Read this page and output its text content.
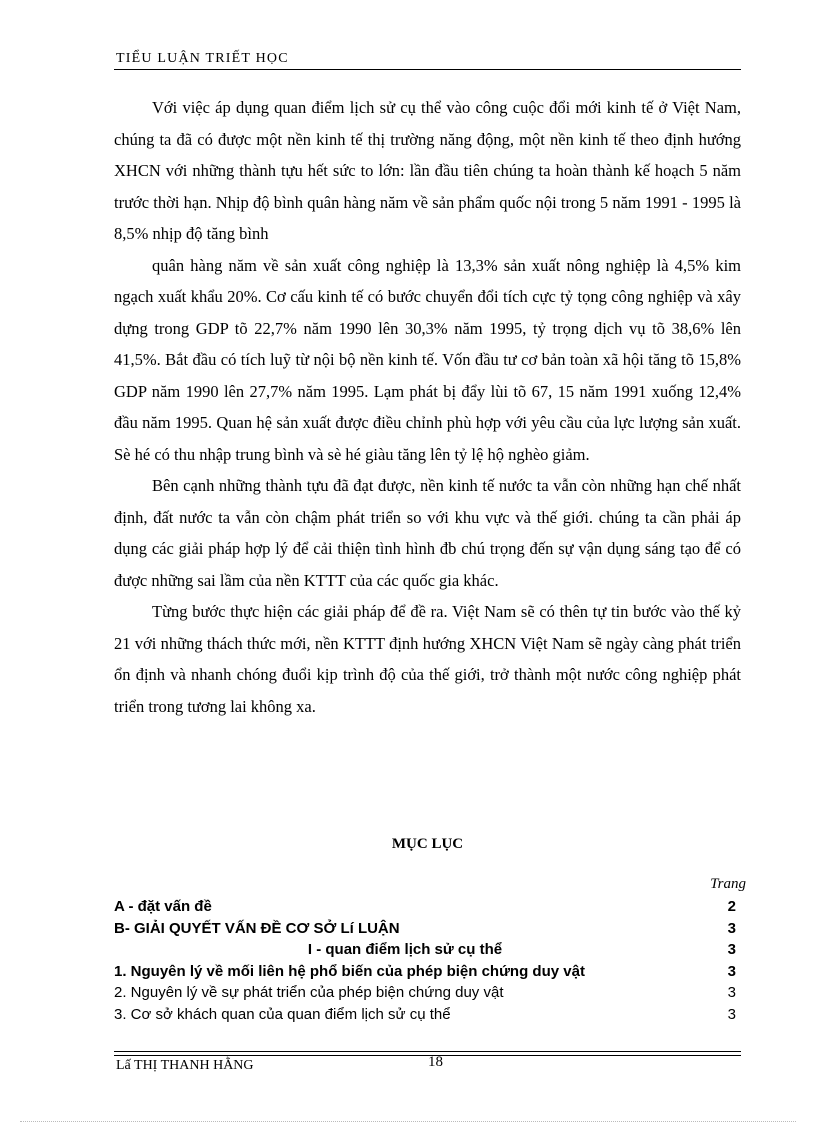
TIỂU LUẬN TRIẾT HỌC

Với việc áp dụng quan điểm lịch sử cụ thể vào công cuộc đổi mới kinh tế ở Việt Nam, chúng ta đã có được một nền kinh tế thị trường năng động, một nền kinh tế theo định hướng XHCN với những thành tựu hết sức to lớn: lần đầu tiên chúng ta hoàn thành kế hoạch 5 năm trước thời hạn. Nhịp độ bình quân hàng năm về sản phẩm quốc nội trong 5 năm 1991 - 1995 là 8,5% nhịp độ tăng bình

quân hàng năm về sản xuất công nghiệp là 13,3% sản xuất nông nghiệp là 4,5% kim ngạch xuất khẩu 20%. Cơ cấu kinh tế có bước chuyển đổi tích cực tỷ tọng công nghiệp và xây dựng trong GDP tõ 22,7% năm 1990 lên 30,3% năm 1995, tỷ trọng dịch vụ tõ 38,6% lên 41,5%. Bắt đầu có tích luỹ từ nội bộ nền kinh tế. Vốn đầu tư cơ bản toàn xã hội tăng tõ 15,8% GDP năm 1990 lên 27,7% năm 1995. Lạm phát bị đẩy lùi tõ 67, 15 năm 1991 xuống 12,4% đầu năm 1995. Quan hệ sản xuất được điều chỉnh phù hợp với yêu cầu của lực lượng sản xuất. Sè hé có thu nhập trung bình và sè hé giàu tăng lên tỷ lệ hộ nghèo giảm.

Bên cạnh những thành tựu đã đạt được, nền kinh tế nước ta vẫn còn những hạn chế nhất định, đất nước ta vẫn còn chậm phát triển so với khu vực và thế giới. chúng ta cần phải áp dụng các giải pháp hợp lý để cải thiện tình hình đb chú trọng đến sự vận dụng sáng tạo để có được những sai lầm của nền KTTT của các quốc gia khác.

Từng bước thực hiện các giải pháp để đề ra. Việt Nam sẽ có thên tự tin bước vào thế kỷ 21 với những thách thức mới, nền KTTT định hướng XHCN Việt Nam sẽ ngày càng phát triển ổn định và nhanh chóng đuổi kịp trình độ của thế giới, trở thành một nước công nghiệp phát triển trong tương lai không xa.

MỤC LỤC
Trang
A - đặt vấn đề	2
B- GIẢI QUYẾT VẤN ĐỀ CƠ SỞ Lí LUẬN	3
I - quan điểm lịch sử cụ thể	3
1. Nguyên lý về mối liên hệ phổ biến của phép biện chứng duy vật	3
2. Nguyên lý về sự phát triển của phép biện chứng duy vật	3
3. Cơ sở khách quan của quan điểm lịch sử cụ thể	3
Lấ THỊ THANH HẰNG	18
